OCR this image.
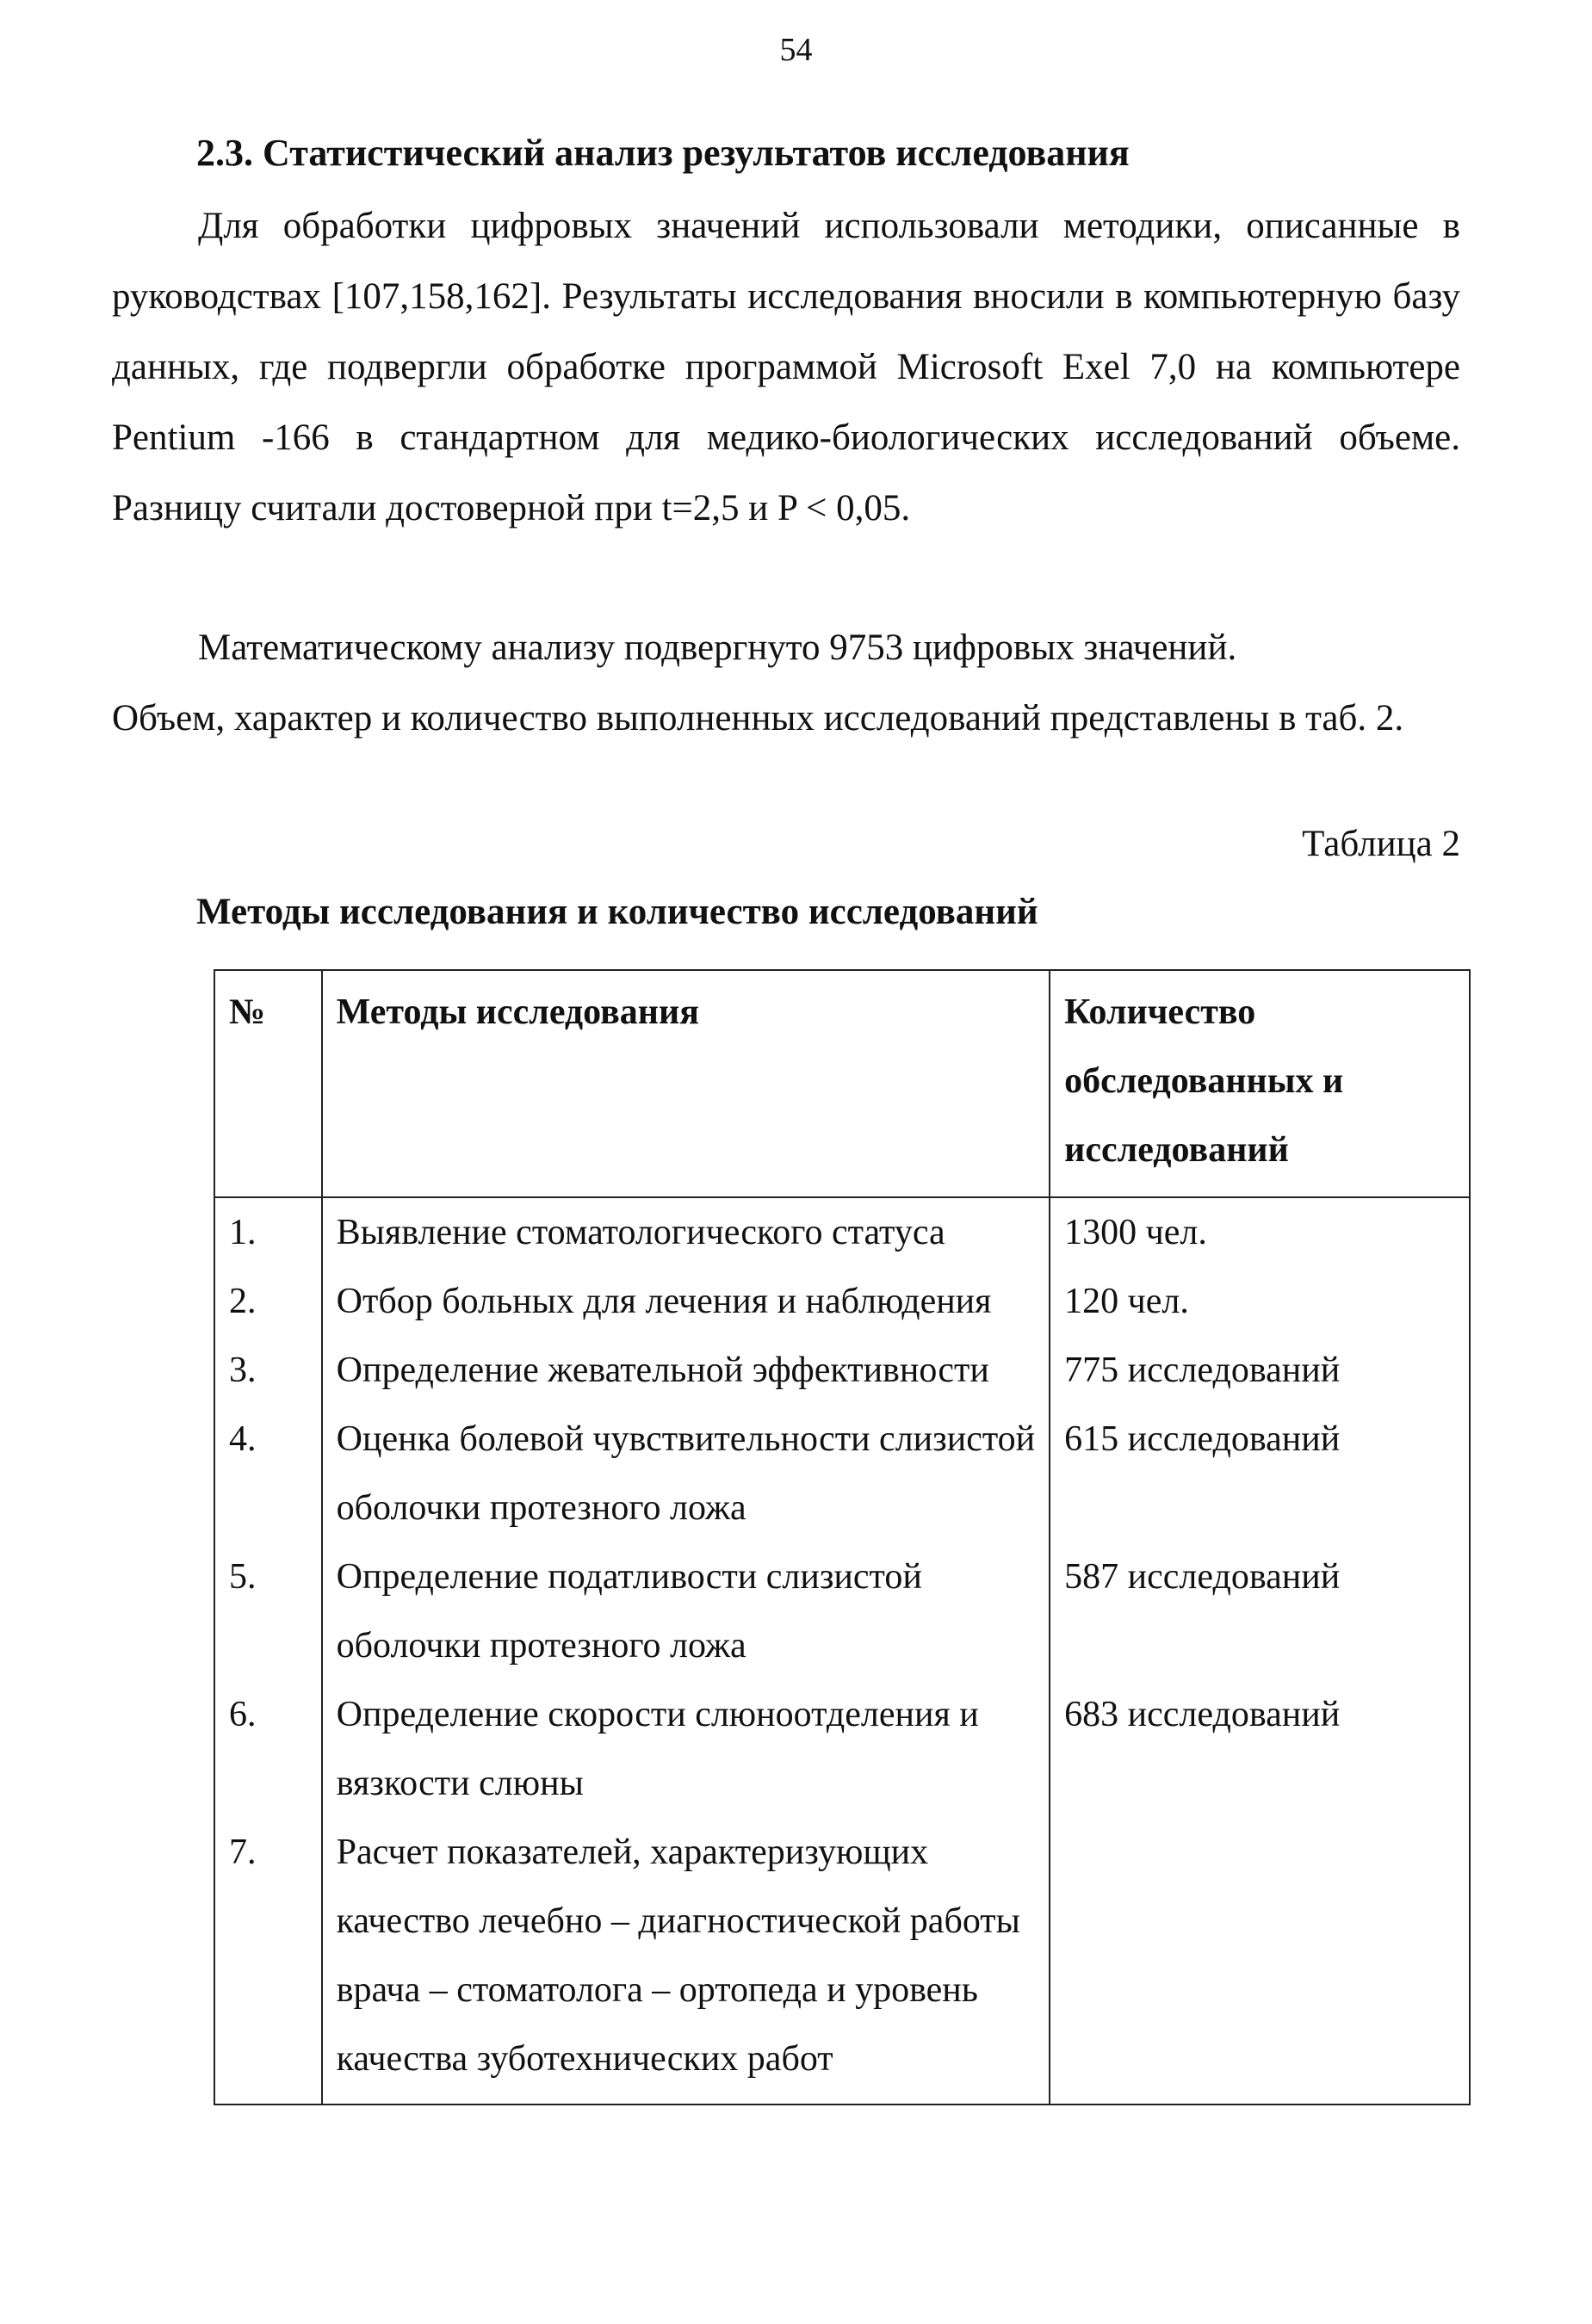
54
2.3. Статистический анализ результатов исследования
Для обработки цифровых значений использовали методики, описанные в руководствах [107,158,162]. Результаты исследования вносили в компьютерную базу данных, где подвергли обработке программой Microsoft Exel 7,0 на компьютере Pentium -166 в стандартном для медико-биологических исследований объеме. Разницу считали достоверной при t=2,5 и P < 0,05.
Математическому анализу подвергнуто 9753 цифровых значений.
Объем, характер и количество выполненных исследований представлены в таб. 2.
Таблица 2
Методы исследования и количество исследований
№	Методы исследования	Количество обследованных и исследований
1.	Выявление стоматологического статуса	1300 чел.
2.	Отбор больных для лечения и наблюдения	120 чел.
3.	Определение жевательной эффективности	775 исследований
4.	Оценка болевой чувствительности слизистой оболочки протезного ложа	615 исследований
5.	Определение податливости слизистой оболочки протезного ложа	587 исследований
6.	Определение скорости слюноотделения и вязкости слюны	683 исследований
7.	Расчет показателей, характеризующих качество лечебно – диагностической работы врача – стоматолога – ортопеда и уровень качества зуботехнических работ	
